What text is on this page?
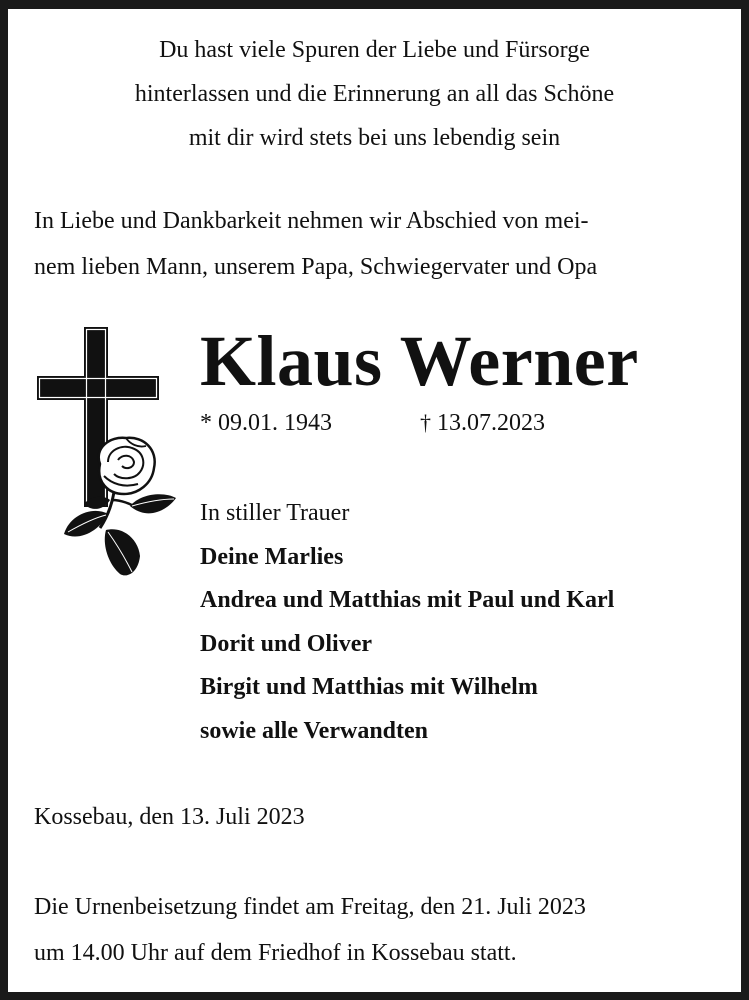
Du hast viele Spuren der Liebe und Fürsorge
hinterlassen und die Erinnerung an all das Schöne
mit dir wird stets bei uns lebendig sein
In Liebe und Dankbarkeit nehmen wir Abschied von mei-
nem lieben Mann, unserem Papa, Schwiegervater und Opa
Klaus Werner
* 09.01. 1943	† 13.07.2023
In stiller Trauer
Deine Marlies
Andrea und Matthias mit Paul und Karl
Dorit und Oliver
Birgit und Matthias mit Wilhelm
sowie alle Verwandten
Kossebau, den 13. Juli 2023
Die Urnenbeisetzung findet am Freitag, den 21. Juli 2023
um 14.00 Uhr auf dem Friedhof in Kossebau statt.
